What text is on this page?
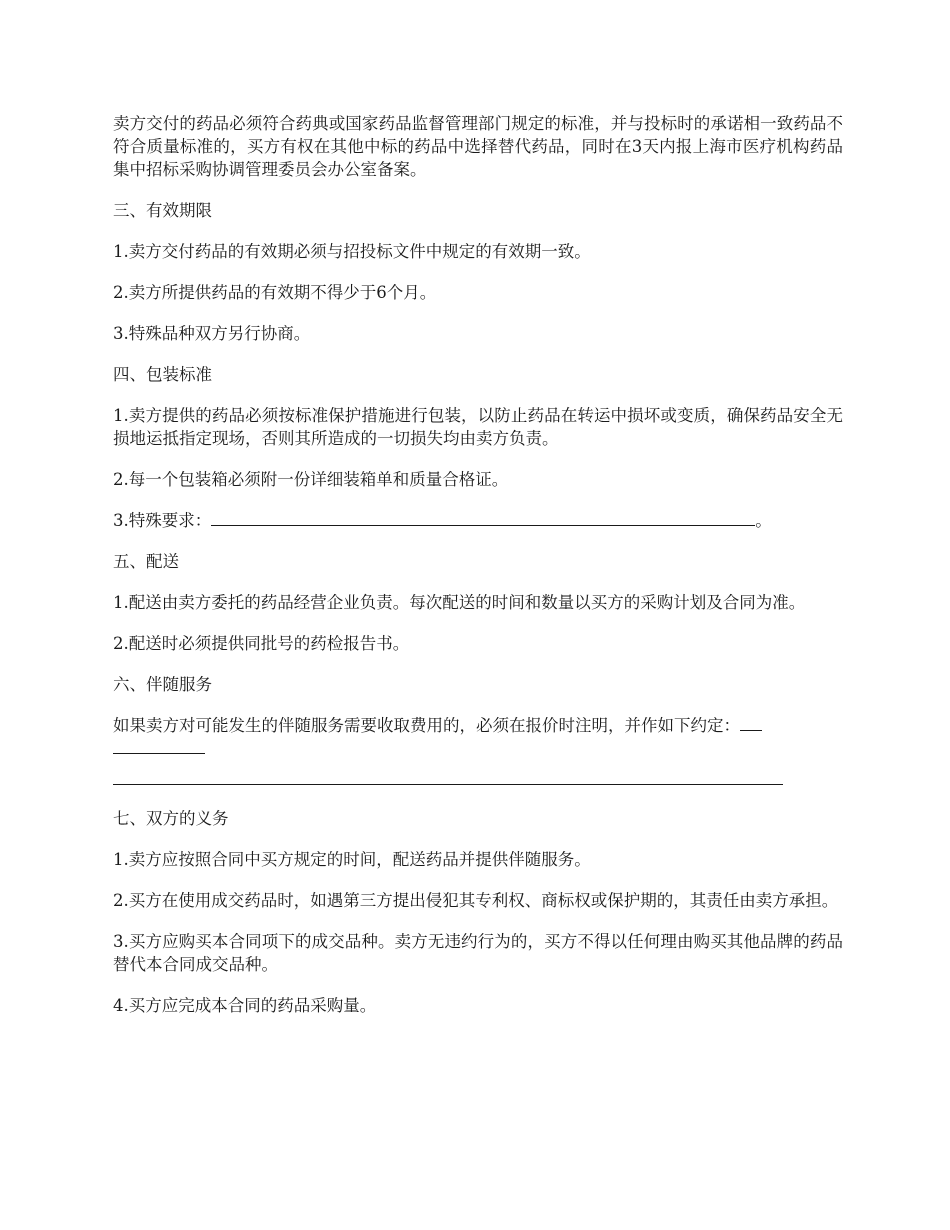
卖方交付的药品必须符合药典或国家药品监督管理部门规定的标准，并与投标时的承诺相一致药品不符合质量标准的，买方有权在其他中标的药品中选择替代药品，同时在3天内报上海市医疗机构药品集中招标采购协调管理委员会办公室备案。

三、有效期限

1.卖方交付药品的有效期必须与招投标文件中规定的有效期一致。

2.卖方所提供药品的有效期不得少于6个月。

3.特殊品种双方另行协商。

四、包装标准

1.卖方提供的药品必须按标准保护措施进行包装，以防止药品在转运中损坏或变质，确保药品安全无损地运抵指定现场，否则其所造成的一切损失均由卖方负责。

2.每一个包装箱必须附一份详细装箱单和质量合格证。

3.特殊要求：	。

五、配送

1.配送由卖方委托的药品经营企业负责。每次配送的时间和数量以买方的采购计划及合同为准。

2.配送时必须提供同批号的药检报告书。

六、伴随服务

如果卖方对可能发生的伴随服务需要收取费用的，必须在报价时注明，并作如下约定：

七、双方的义务

1.卖方应按照合同中买方规定的时间，配送药品并提供伴随服务。

2.买方在使用成交药品时，如遇第三方提出侵犯其专利权、商标权或保护期的，其责任由卖方承担。

3.买方应购买本合同项下的成交品种。卖方无违约行为的，买方不得以任何理由购买其他品牌的药品替代本合同成交品种。

4.买方应完成本合同的药品采购量。
